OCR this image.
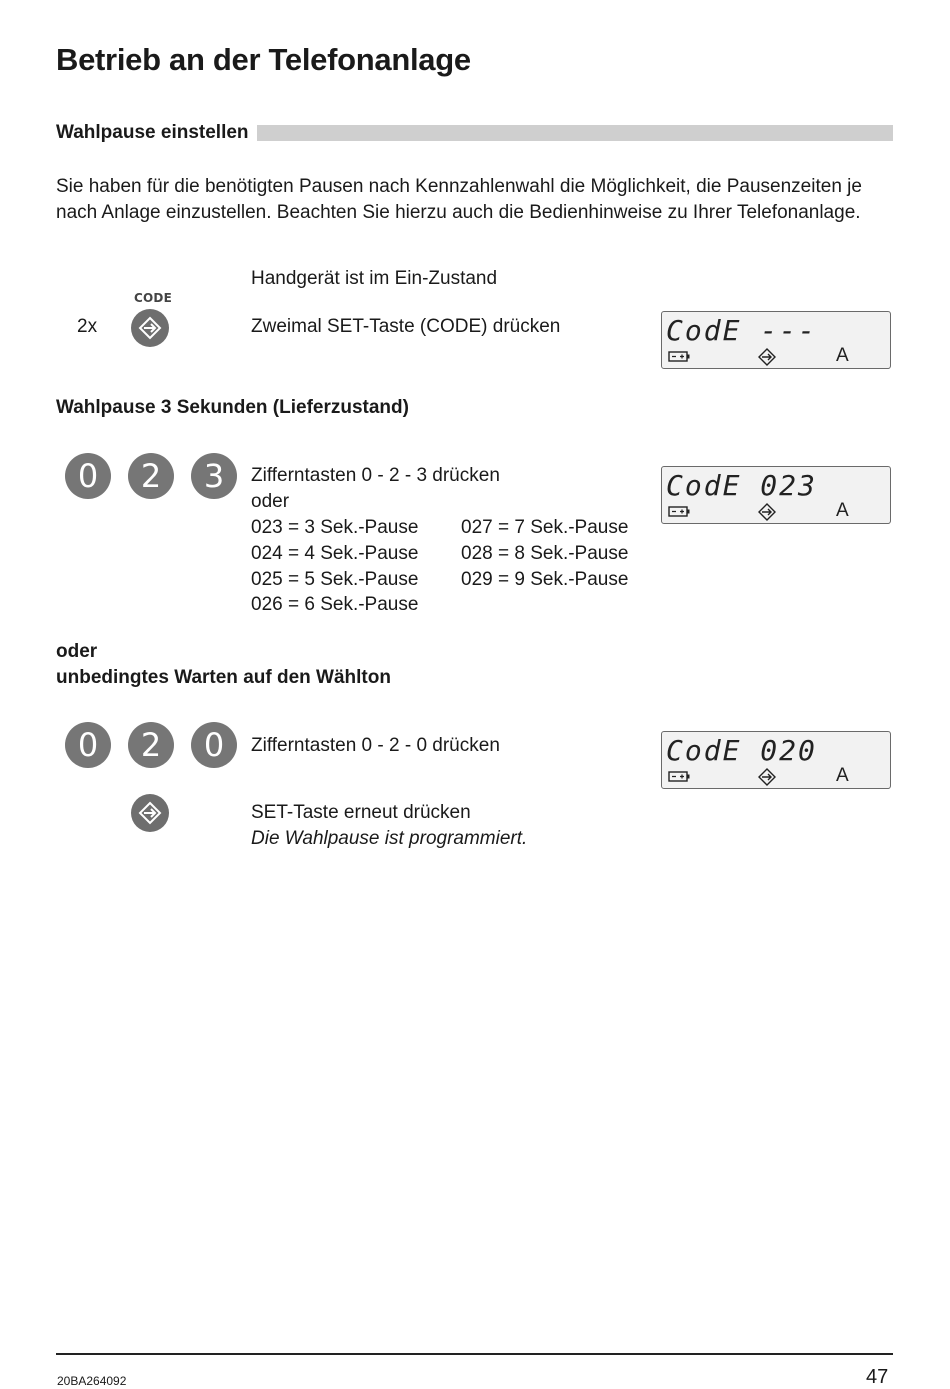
Betrieb an der Telefonanlage
Wahlpause einstellen

Sie haben für die benötigten Pausen nach Kennzahlenwahl die Möglichkeit, die Pausenzeiten je nach Anlage einzustellen. Beachten Sie hierzu auch die Bedienhinweise zu Ihrer Telefonanlage.

Handgerät ist im Ein-Zustand
CODE
2x	Zweimal SET-Taste (CODE) drücken	CodE ---
A
Wahlpause 3 Sekunden (Lieferzustand)
0	2	3	Zifferntasten 0 - 2 - 3 drücken
oder
023 = 3 Sek.-Pause
024 = 4 Sek.-Pause
025 = 5 Sek.-Pause
026 = 6 Sek.-Pause
027 = 7 Sek.-Pause
028 = 8 Sek.-Pause
029 = 9 Sek.-Pause
CodE 023
A
oder
unbedingtes Warten auf den Wählton
0	2	0	Zifferntasten 0 - 2 - 0 drücken	CodE 020
A
SET-Taste erneut drücken
Die Wahlpause ist programmiert.
20BA264092	47
